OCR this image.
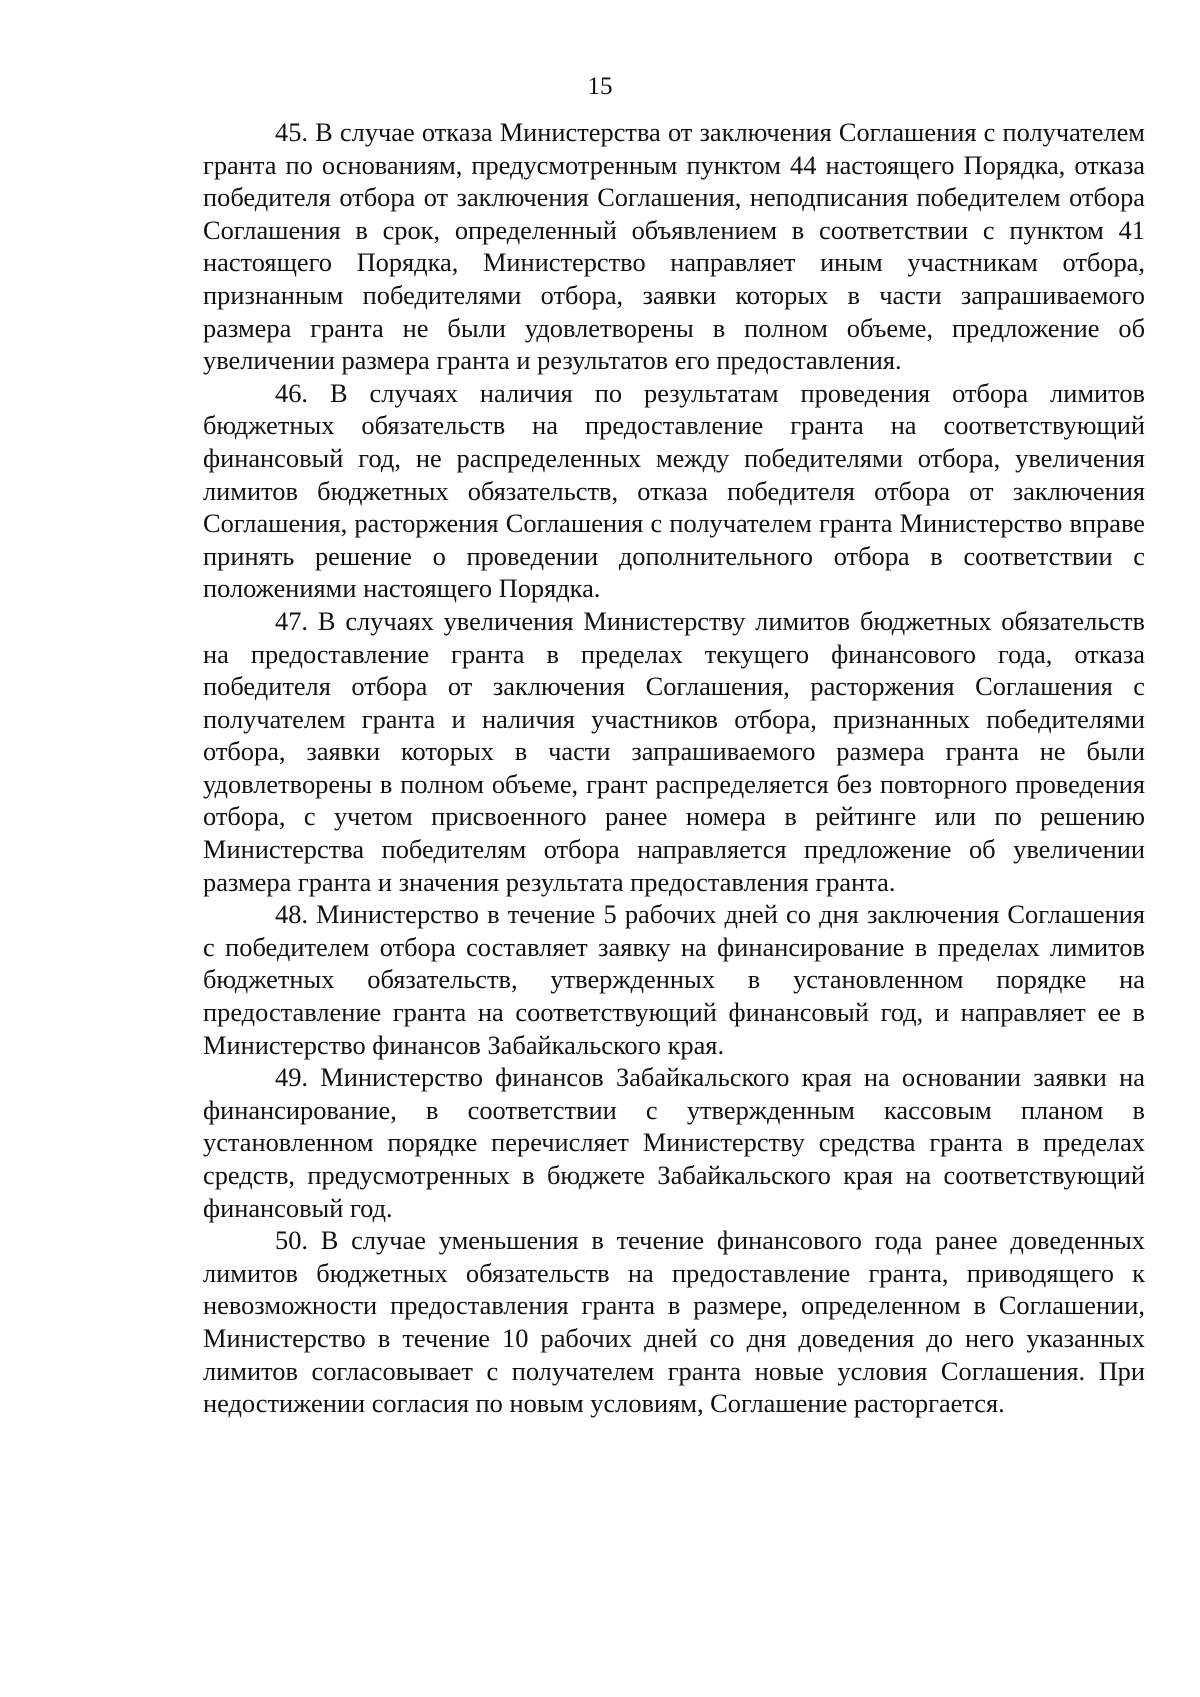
15

45. В случае отказа Министерства от заключения Соглашения с получателем гранта по основаниям, предусмотренным пунктом 44 настоящего Порядка, отказа победителя отбора от заключения Соглашения, неподписания победителем отбора Соглашения в срок, определенный объявлением в соответствии с пунктом 41 настоящего Порядка, Министерство направляет иным участникам отбора, признанным победителями отбора, заявки которых в части запрашиваемого размера гранта не были удовлетворены в полном объеме, предложение об увеличении размера гранта и результатов его предоставления.

46. В случаях наличия по результатам проведения отбора лимитов бюджетных обязательств на предоставление гранта на соответствующий финансовый год, не распределенных между победителями отбора, увеличения лимитов бюджетных обязательств, отказа победителя отбора от заключения Соглашения, расторжения Соглашения с получателем гранта Министерство вправе принять решение о проведении дополнительного отбора в соответствии с положениями настоящего Порядка.

47. В случаях увеличения Министерству лимитов бюджетных обязательств на предоставление гранта в пределах текущего финансового года, отказа победителя отбора от заключения Соглашения, расторжения Соглашения с получателем гранта и наличия участников отбора, признанных победителями отбора, заявки которых в части запрашиваемого размера гранта не были удовлетворены в полном объеме, грант распределяется без повторного проведения отбора, с учетом присвоенного ранее номера в рейтинге или по решению Министерства победителям отбора направляется предложение об увеличении размера гранта и значения результата предоставления гранта.

48. Министерство в течение 5 рабочих дней со дня заключения Соглашения с победителем отбора составляет заявку на финансирование в пределах лимитов бюджетных обязательств, утвержденных в установленном порядке на предоставление гранта на соответствующий финансовый год, и направляет ее в Министерство финансов Забайкальского края.

49. Министерство финансов Забайкальского края на основании заявки на финансирование, в соответствии с утвержденным кассовым планом в установленном порядке перечисляет Министерству средства гранта в пределах средств, предусмотренных в бюджете Забайкальского края на соответствующий финансовый год.

50. В случае уменьшения в течение финансового года ранее доведенных лимитов бюджетных обязательств на предоставление гранта, приводящего к невозможности предоставления гранта в размере, определенном в Соглашении, Министерство в течение 10 рабочих дней со дня доведения до него указанных лимитов согласовывает с получателем гранта новые условия Соглашения. При недостижении согласия по новым условиям, Соглашение расторгается.
